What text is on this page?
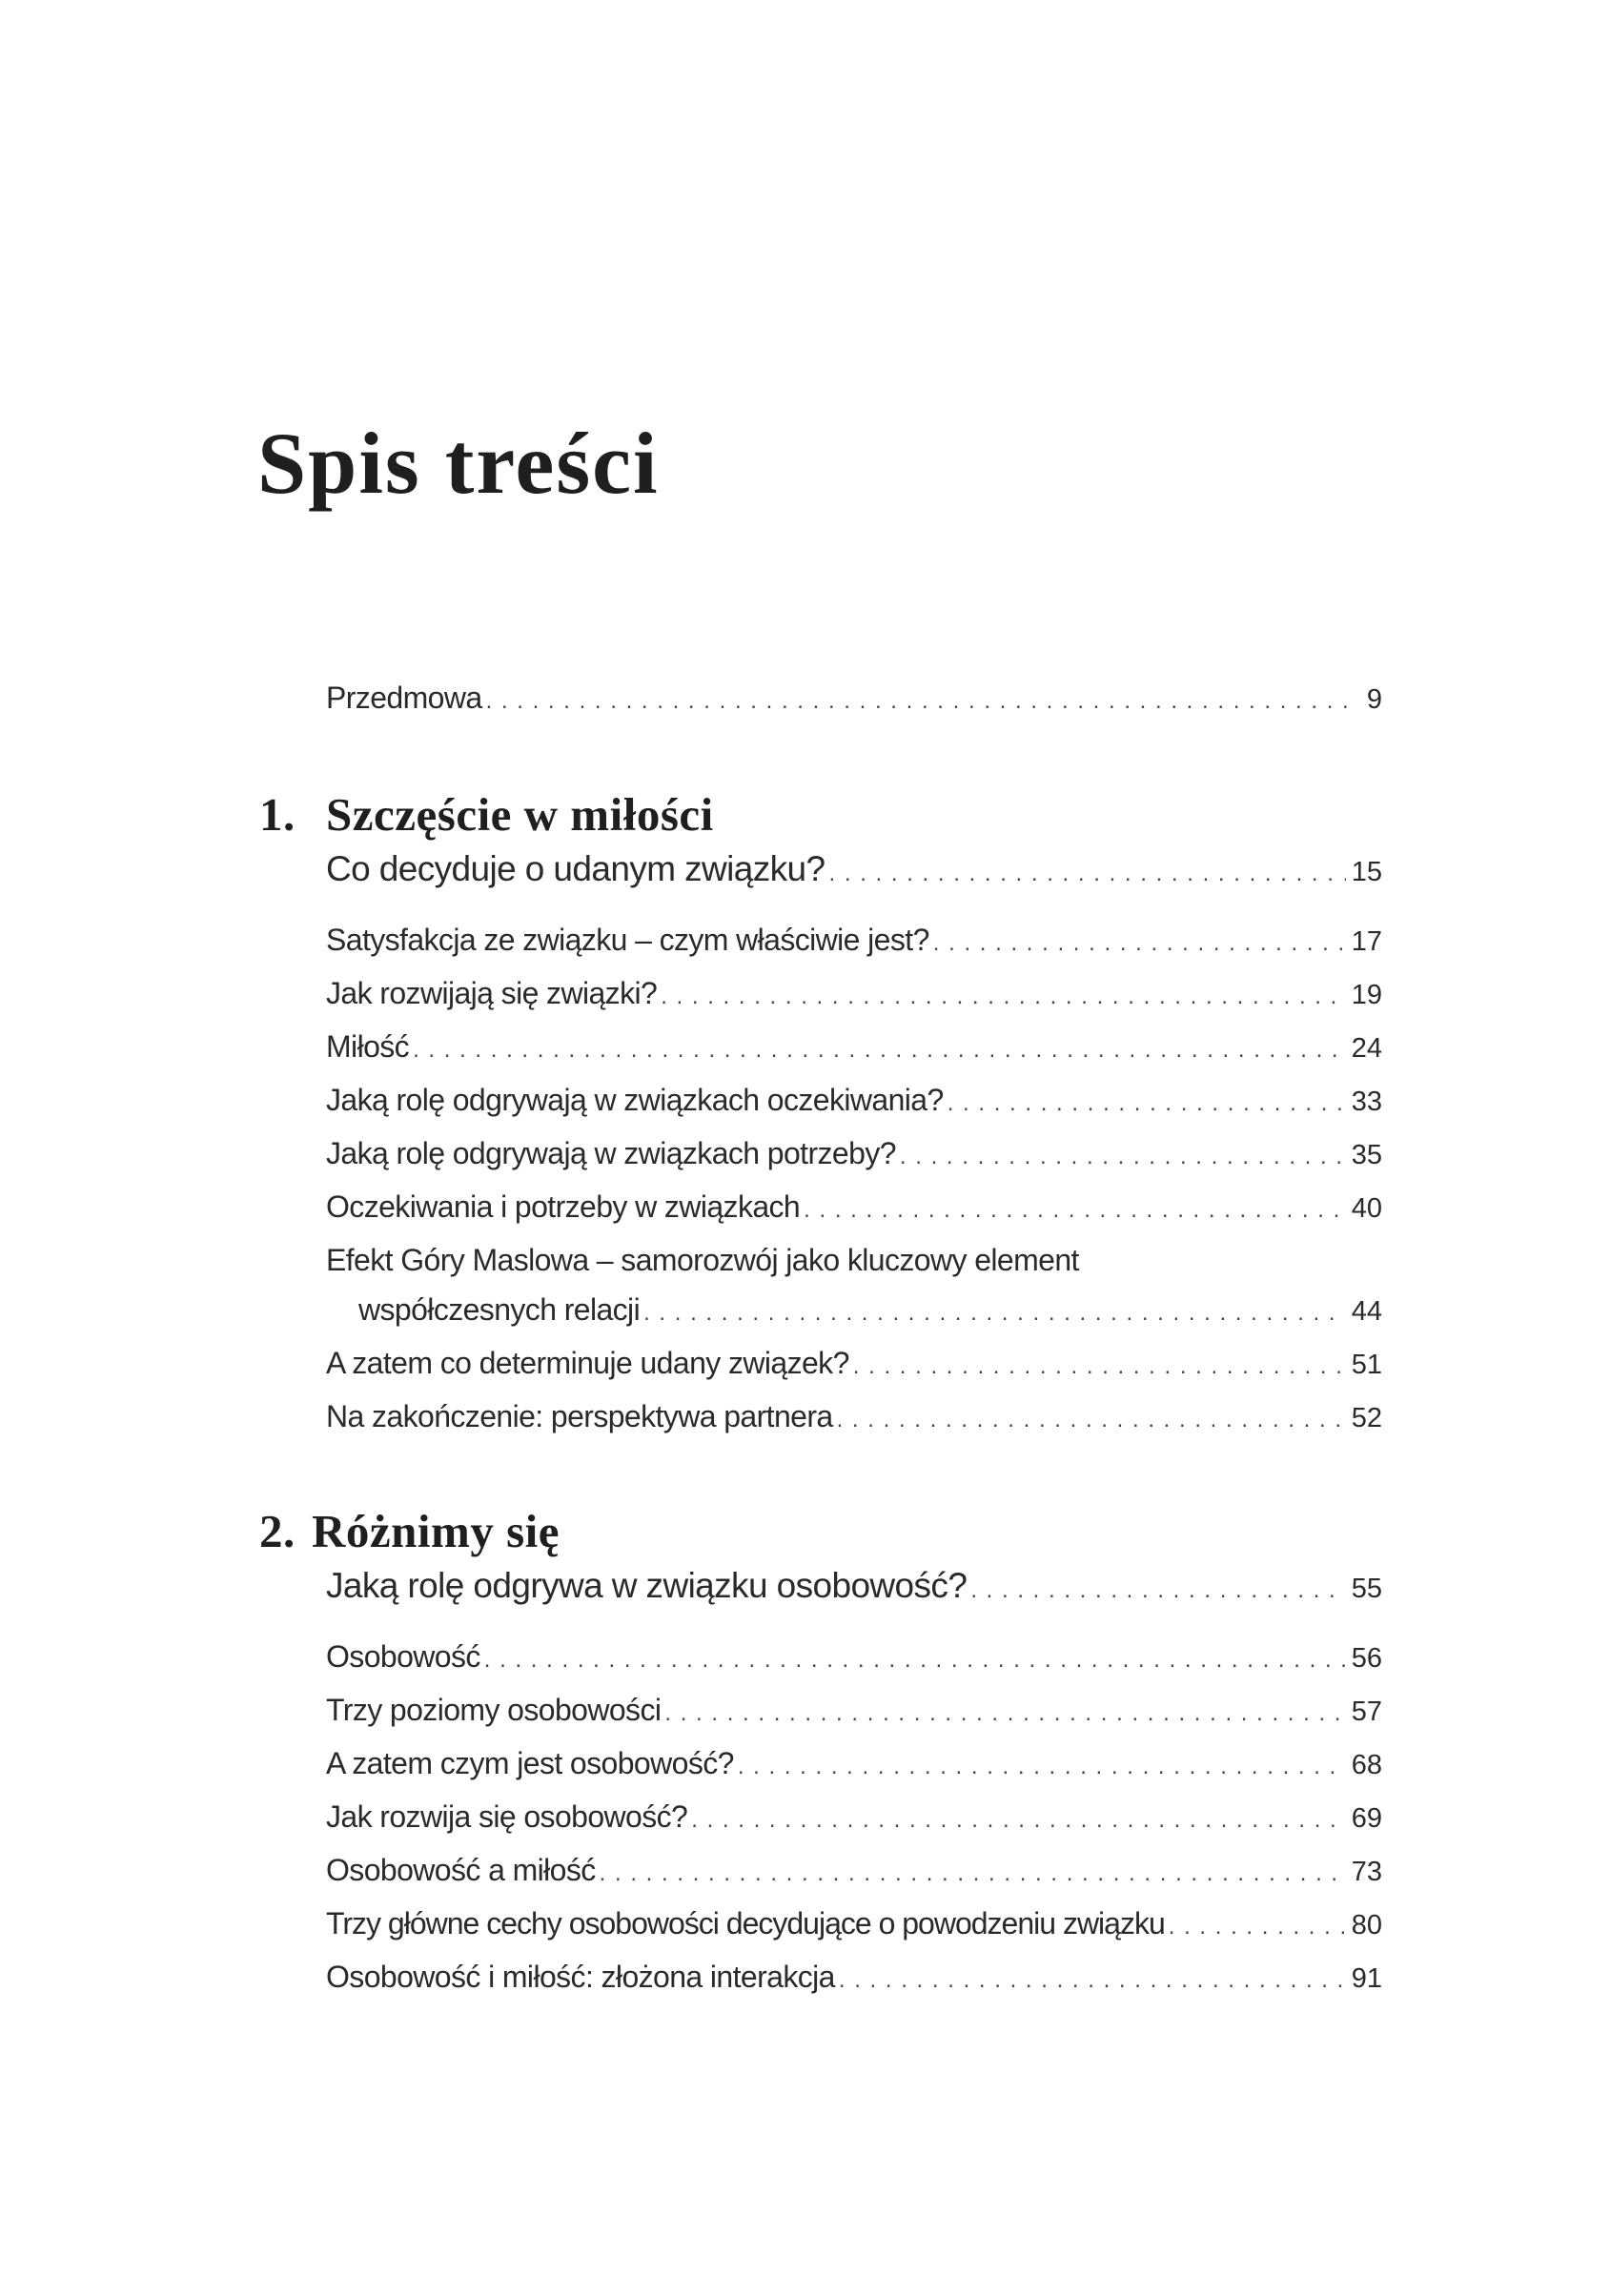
Spis treści
Przedmowa . . .	9
1. Szczęście w miłości
Co decyduje o udanym związku? . . .	15
Satysfakcja ze związku – czym właściwie jest? . . .	17
Jak rozwijają się związki? . . .	19
Miłość . . .	24
Jaką rolę odgrywają w związkach oczekiwania? . . .	33
Jaką rolę odgrywają w związkach potrzeby? . . .	35
Oczekiwania i potrzeby w związkach . . .	40
Efekt Góry Maslowa – samorozwój jako kluczowy element
współczesnych relacji . . .	44
A zatem co determinuje udany związek? . . .	51
Na zakończenie: perspektywa partnera . . .	52
2. Różnimy się
Jaką rolę odgrywa w związku osobowość? . . .	55
Osobowość . . .	56
Trzy poziomy osobowości . . .	57
A zatem czym jest osobowość? . . .	68
Jak rozwija się osobowość? . . .	69
Osobowość a miłość . . .	73
Trzy główne cechy osobowości decydujące o powodzeniu związku . . .	80
Osobowość i miłość: złożona interakcja . . .	91
